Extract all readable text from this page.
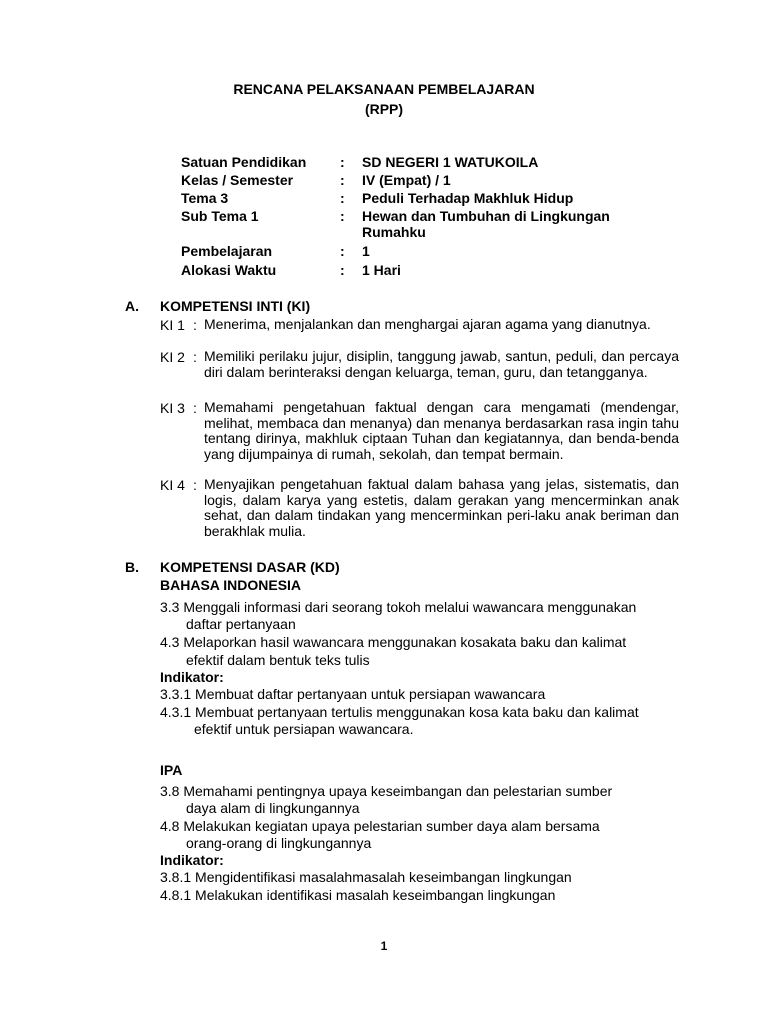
RENCANA PELAKSANAAN PEMBELAJARAN
(RPP)
Satuan Pendidikan : SD NEGERI 1 WATUKOILA
Kelas / Semester	: IV (Empat) / 1
Tema 3	: Peduli Terhadap Makhluk Hidup
Sub Tema 1	: Hewan dan Tumbuhan di Lingkungan
Rumahku
Pembelajaran	: 1
Alokasi Waktu	: 1 Hari
A. KOMPETENSI INTI (KI)
KI 1 : Menerima, menjalankan dan menghargai ajaran agama yang dianutnya.
KI 2 : Memiliki perilaku jujur, disiplin, tanggung jawab, santun, peduli, dan percaya diri dalam berinteraksi dengan keluarga, teman, guru, dan tetangganya.
KI 3 : Memahami pengetahuan faktual dengan cara mengamati (mendengar, melihat, membaca dan menanya) dan menanya berdasarkan rasa ingin tahu tentang dirinya, makhluk ciptaan Tuhan dan kegiatannya, dan benda-benda yang dijumpainya di rumah, sekolah, dan tempat bermain.
KI 4 : Menyajikan pengetahuan faktual dalam bahasa yang jelas, sistematis, dan logis, dalam karya yang estetis, dalam gerakan yang mencerminkan anak sehat, dan dalam tindakan yang mencerminkan peri-laku anak beriman dan berakhlak mulia.
B. KOMPETENSI DASAR (KD)
BAHASA INDONESIA
3.3 Menggali informasi dari seorang tokoh melalui wawancara menggunakan
daftar pertanyaan
4.3 Melaporkan hasil wawancara menggunakan kosakata baku dan kalimat
efektif dalam bentuk teks tulis
Indikator:
3.3.1 Membuat daftar pertanyaan untuk persiapan wawancara
4.3.1 Membuat pertanyaan tertulis menggunakan kosa kata baku dan kalimat
efektif untuk persiapan wawancara.
IPA
3.8 Memahami pentingnya upaya keseimbangan dan pelestarian sumber
daya alam di lingkungannya
4.8 Melakukan kegiatan upaya pelestarian sumber daya alam bersama
orang-orang di lingkungannya
Indikator:
3.8.1 Mengidentifikasi masalahmasalah keseimbangan lingkungan
4.8.1 Melakukan identifikasi masalah keseimbangan lingkungan
1
